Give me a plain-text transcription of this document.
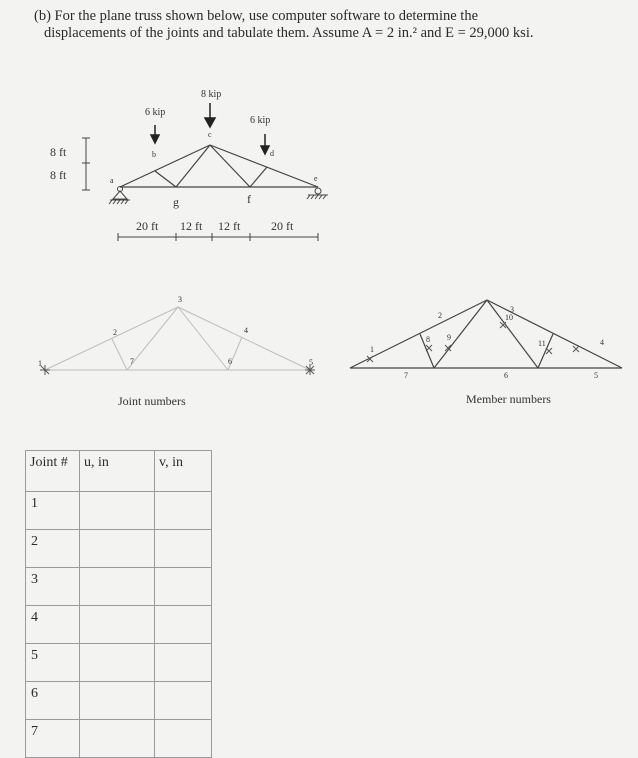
(b) For the plane truss shown below, use computer software to determine the
displacements of the joints and tabulate them. Assume A = 2 in.² and E = 29,000 ksi.
8 kip
6 kip
6 kip
8 ft
8 ft	a
b
c
d
e
f
g
20 ft 12 ft 12 ft	20 ft
1
2
3
4
5
6
7
Joint numbers
1
2
3
4
5
6
7
8 9
10
11
Member numbers
Joint #	u, in	v, in
1		
2		
3		
4		
5		
6		
7		
